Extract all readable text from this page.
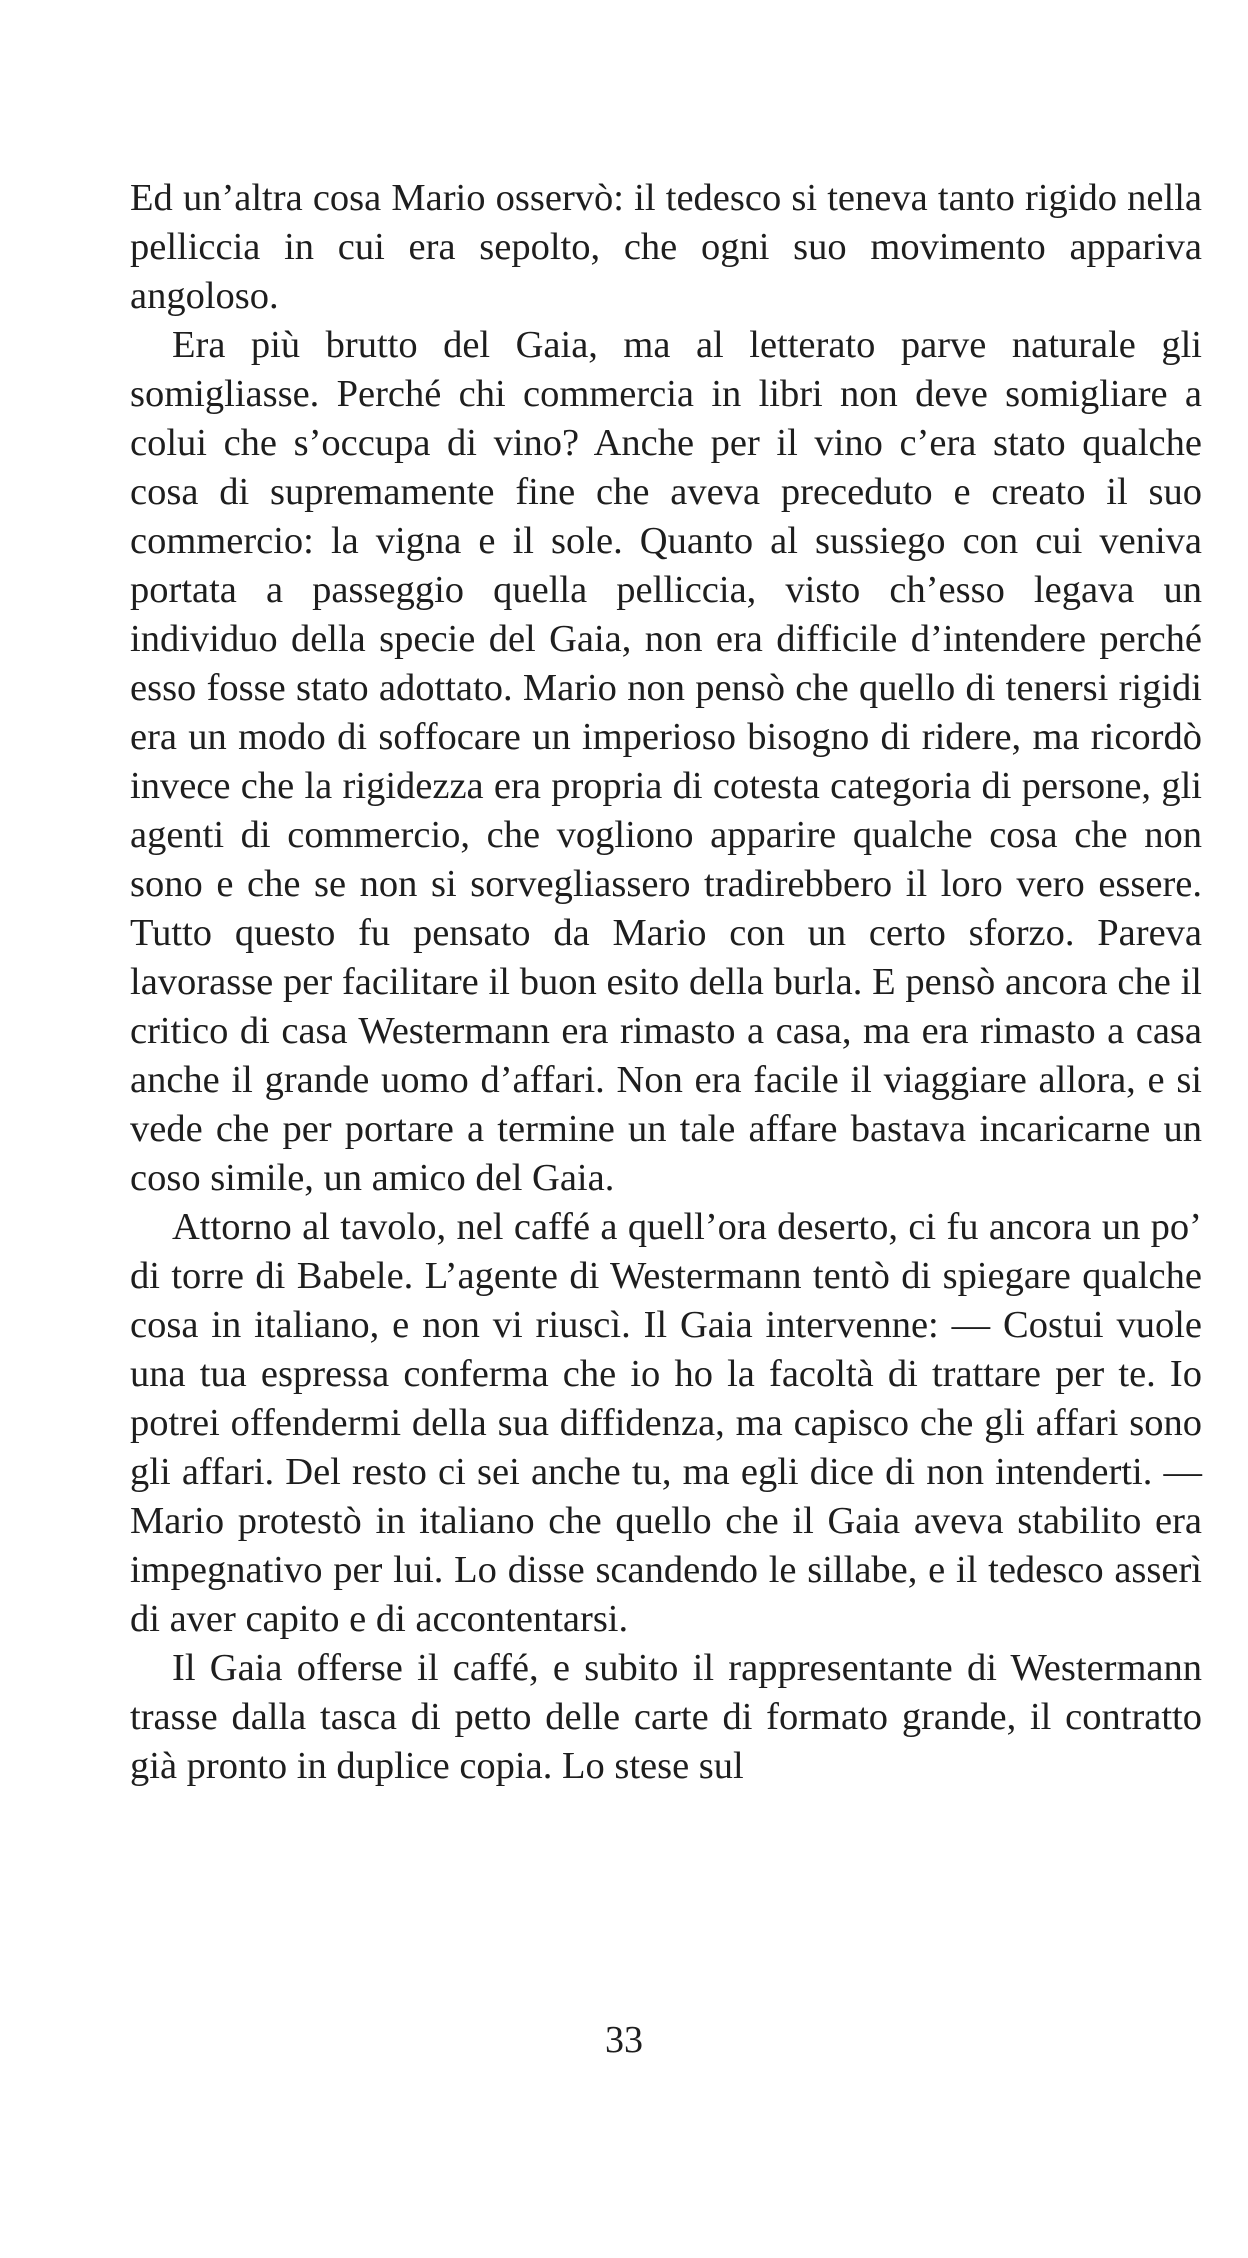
Ed un’altra cosa Mario osservò: il tedesco si teneva tanto rigido nella pelliccia in cui era sepolto, che ogni suo movimento appariva angoloso.

Era più brutto del Gaia, ma al letterato parve naturale gli somigliasse. Perché chi commercia in libri non deve somigliare a colui che s’occupa di vino? Anche per il vino c’era stato qualche cosa di supremamente fine che aveva preceduto e creato il suo commercio: la vigna e il sole. Quanto al sussiego con cui veniva portata a passeggio quella pelliccia, visto ch’esso legava un individuo della specie del Gaia, non era difficile d’intendere perché esso fosse stato adottato. Mario non pensò che quello di tenersi rigidi era un modo di soffocare un imperioso bisogno di ridere, ma ricordò invece che la rigidezza era propria di cotesta categoria di persone, gli agenti di commercio, che vogliono apparire qualche cosa che non sono e che se non si sorvegliassero tradirebbero il loro vero essere. Tutto questo fu pensato da Mario con un certo sforzo. Pareva lavorasse per facilitare il buon esito della burla. E pensò ancora che il critico di casa Westermann era rimasto a casa, ma era rimasto a casa anche il grande uomo d’affari. Non era facile il viaggiare allora, e si vede che per portare a termine un tale affare bastava incaricarne un coso simile, un amico del Gaia.

Attorno al tavolo, nel caffé a quell’ora deserto, ci fu ancora un po’ di torre di Babele. L’agente di Westermann tentò di spiegare qualche cosa in italiano, e non vi riuscì. Il Gaia intervenne: — Costui vuole una tua espressa conferma che io ho la facoltà di trattare per te. Io potrei offendermi della sua diffidenza, ma capisco che gli affari sono gli affari. Del resto ci sei anche tu, ma egli dice di non intenderti. — Mario protestò in italiano che quello che il Gaia aveva stabilito era impegnativo per lui. Lo disse scandendo le sillabe, e il tedesco asserì di aver capito e di accontentarsi.

Il Gaia offerse il caffé, e subito il rappresentante di Westermann trasse dalla tasca di petto delle carte di formato grande, il contratto già pronto in duplice copia. Lo stese sul

33
